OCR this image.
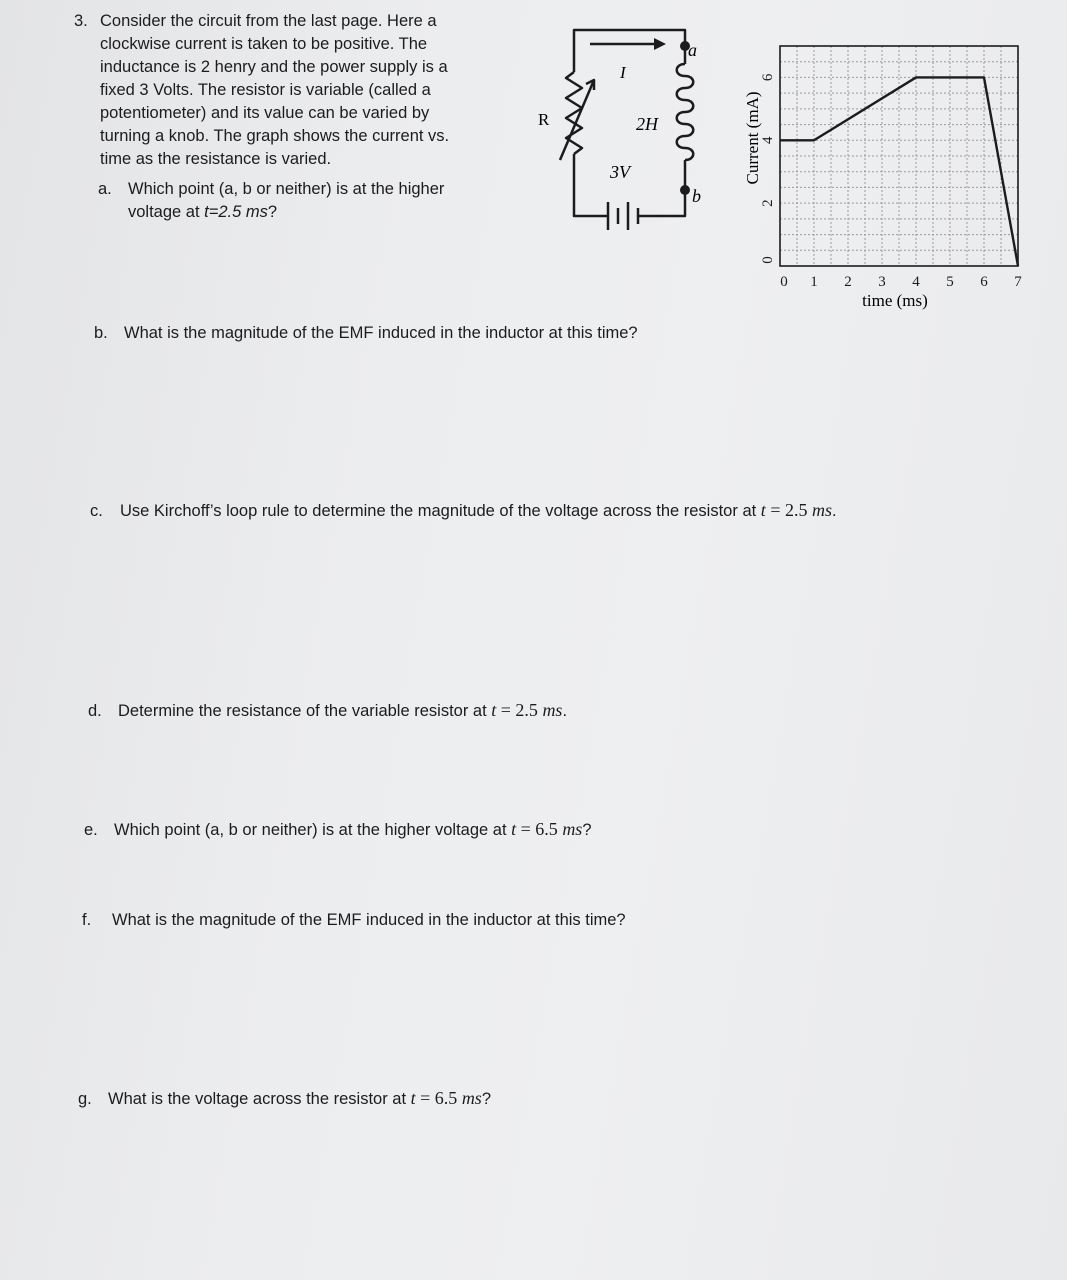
3. Consider the circuit from the last page. Here a
clockwise current is taken to be positive. The
inductance is 2 henry and the power supply is a
fixed 3 Volts. The resistor is variable (called a
potentiometer) and its value can be varied by
turning a knob. The graph shows the current vs.
time as the resistance is varied.
a. Which point (a, b or neither) is at the higher
voltage at t=2.5 ms?
b. What is the magnitude of the EMF induced in the inductor at this time?
c. Use Kirchoff’s loop rule to determine the magnitude of the voltage across the resistor at t = 2.5 ms.
d. Determine the resistance of the variable resistor at t = 2.5 ms.
e. Which point (a, b or neither) is at the higher voltage at t = 6.5 ms?
f. What is the magnitude of the EMF induced in the inductor at this time?
g. What is the voltage across the resistor at t = 6.5 ms?
R
I
2H
3V
a
b
0 1 2 3 4 5 6 7
0
2
4
6
time (ms)
Current (mA)
